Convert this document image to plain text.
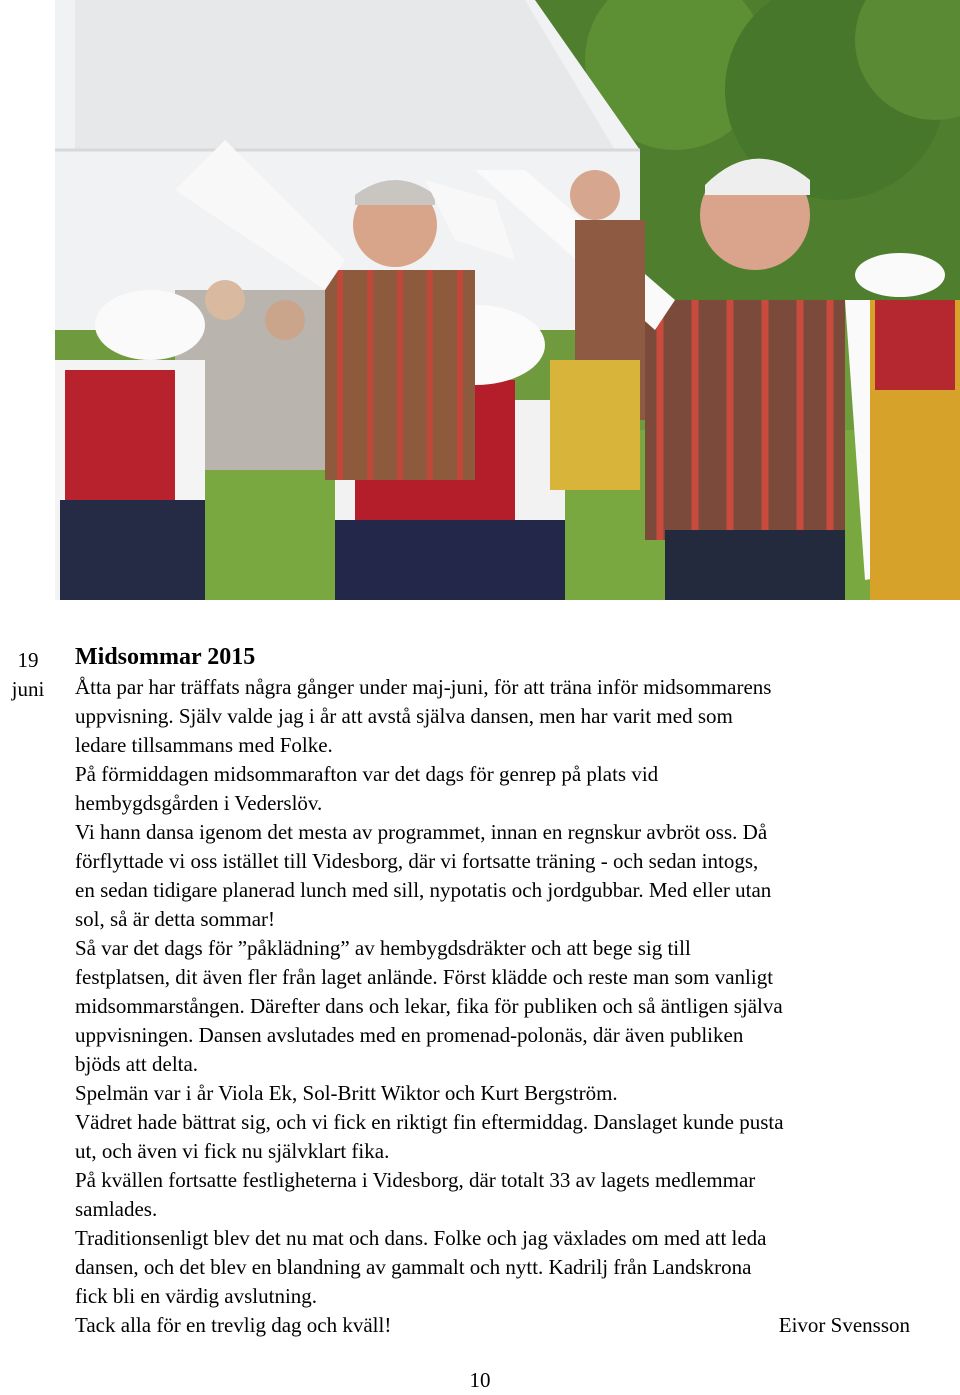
19
juni
Midsommar 2015

Åtta par har träffats några gånger under maj-juni, för att träna inför midsommarens

uppvisning. Själv valde jag i år att avstå själva dansen, men har varit med som

ledare tillsammans med Folke.

På förmiddagen midsommarafton var det dags för genrep på plats vid

hembygdsgården i Vederslöv.

Vi hann dansa igenom det mesta av programmet, innan en regnskur avbröt oss. Då

förflyttade vi oss istället till Videsborg, där vi fortsatte träning - och sedan intogs,

en sedan tidigare planerad lunch med sill, nypotatis och jordgubbar. Med eller utan

sol, så är detta sommar!

Så var det dags för ”påklädning” av hembygdsdräkter och att bege sig till

festplatsen, dit även fler från laget anlände. Först klädde och reste man som vanligt

midsommarstången. Därefter dans och lekar, fika för publiken och så äntligen själva

uppvisningen. Dansen avslutades med en promenad-polonäs, där även publiken

bjöds att delta.

Spelmän var i år Viola Ek, Sol-Britt Wiktor och Kurt Bergström.

Vädret hade bättrat sig, och vi fick en riktigt fin eftermiddag. Danslaget kunde pusta

ut, och även vi fick nu självklart fika.

På kvällen fortsatte festligheterna i Videsborg, där totalt 33 av lagets medlemmar

samlades.

Traditionsenligt blev det nu mat och dans. Folke och jag växlades om med att leda

dansen, och det blev en blandning av gammalt och nytt. Kadrilj från Landskrona

fick bli en värdig avslutning.

Tack alla för en trevlig dag och kväll!	Eivor Svensson
10
